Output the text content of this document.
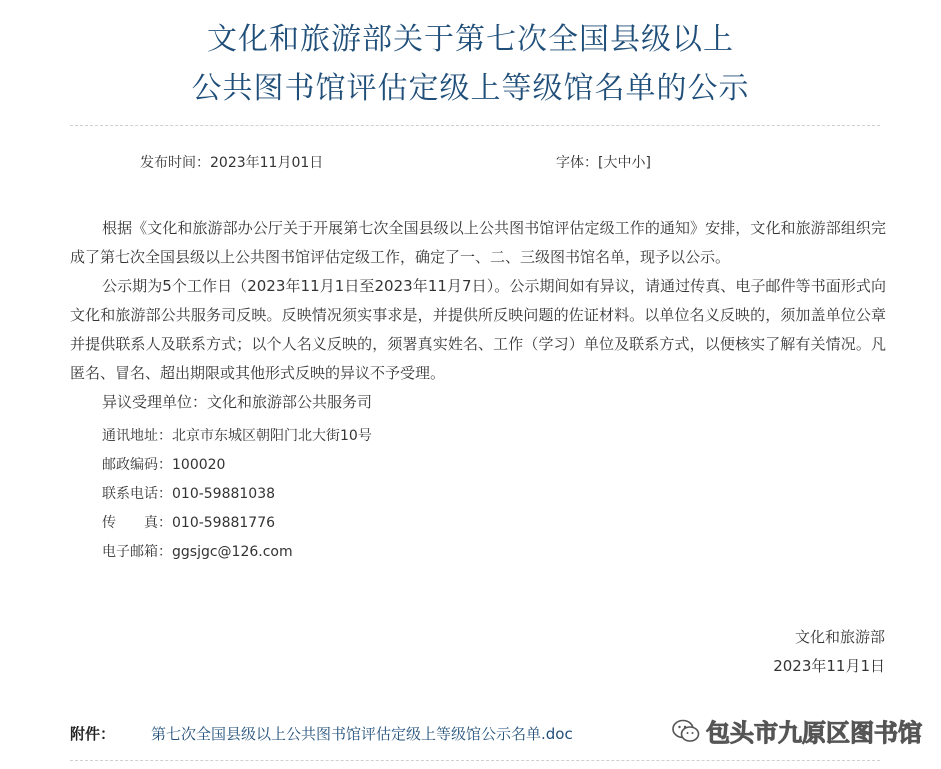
文化和旅游部关于第七次全国县级以上
公共图书馆评估定级上等级馆名单的公示
发布时间：2023年11月01日	字体：[大中小]

根据《文化和旅游部办公厅关于开展第七次全国县级以上公共图书馆评估定级工作的通知》安排，文化和旅游部组织完成了第七次全国县级以上公共图书馆评估定级工作，确定了一、二、三级图书馆名单，现予以公示。

公示期为5个工作日（2023年11月1日至2023年11月7日）。公示期间如有异议，请通过传真、电子邮件等书面形式向文化和旅游部公共服务司反映。反映情况须实事求是，并提供所反映问题的佐证材料。以单位名义反映的，须加盖单位公章并提供联系人及联系方式；以个人名义反映的，须署真实姓名、工作（学习）单位及联系方式，以便核实了解有关情况。凡匿名、冒名、超出期限或其他形式反映的异议不予受理。

异议受理单位：文化和旅游部公共服务司

通讯地址：北京市东城区朝阳门北大街10号
邮政编码：100020
联系电话：010-59881038
传　　真：010-59881776
电子邮箱：ggsjgc@126.com
文化和旅游部
2023年11月1日
附件： 第七次全国县级以上公共图书馆评估定级上等级馆公示名单.doc	包头市九原区图书馆
